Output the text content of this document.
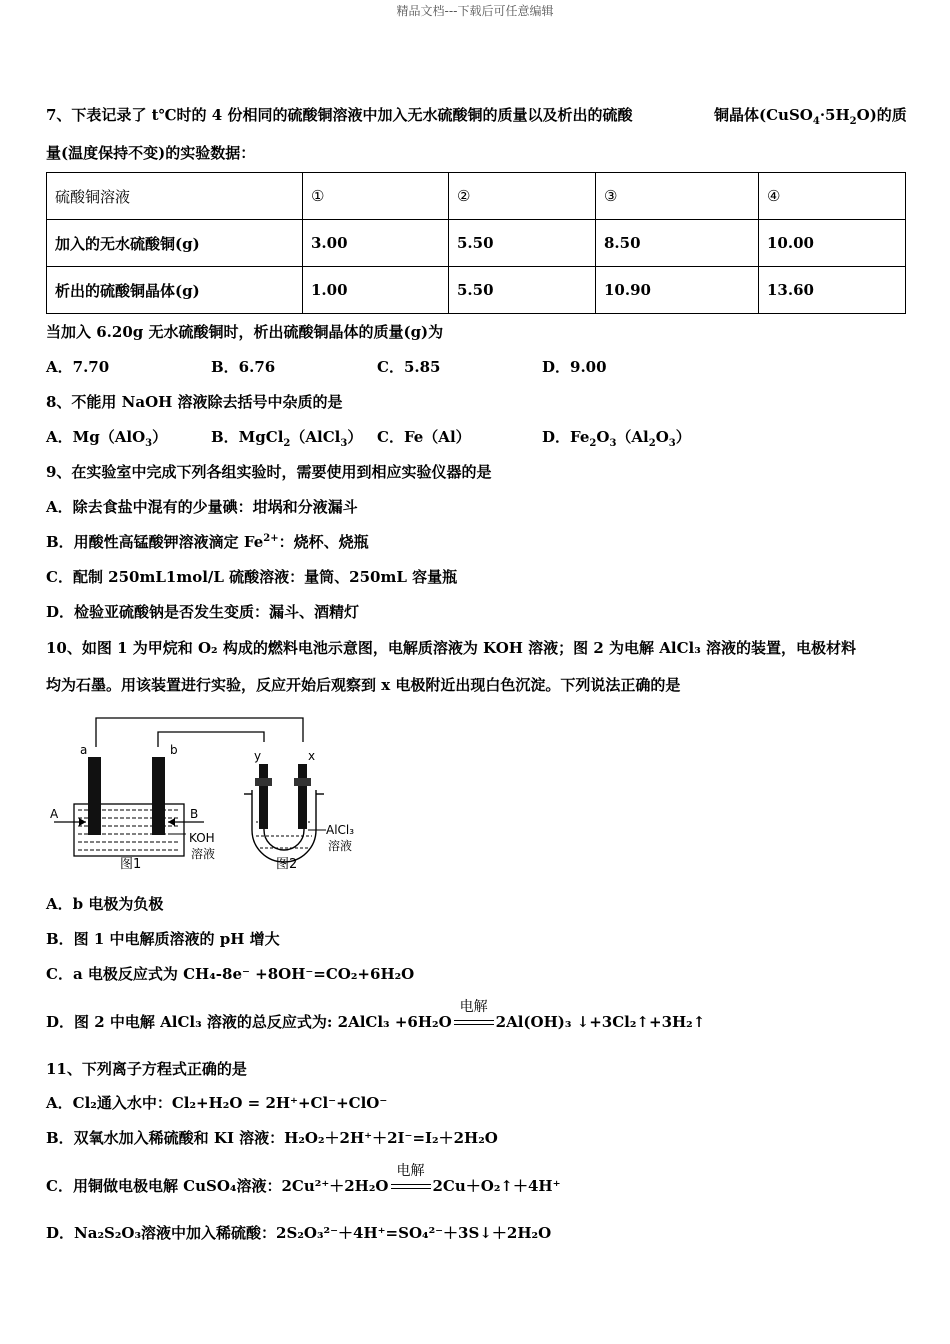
精品文档---下载后可任意编辑
7、下表记录了 t℃时的 4 份相同的硫酸铜溶液中加入无水硫酸铜的质量以及析出的硫酸	铜晶体$(CuSO_4\cdot 5H_2O)$的质
量(温度保持不变)的实验数据：
硫酸铜溶液	①	②	③	④
加入的无水硫酸铜(g)	3.00	5.50	8.50	10.00
析出的硫酸铜晶体(g)	1.00	5.50	10.90	13.60
当加入 6.20g 无水硫酸铜时，析出硫酸铜晶体的质量(g)为
A．7.70	B．6.76	C．5.85	D．9.00
8、不能用 NaOH 溶液除去括号中杂质的是
A．Mg（AlO$_3$）	B．MgCl$_2$（AlCl$_3$） C．Fe（Al）	D．$Fe_2O_3(Al_2O_3)$
9、在实验室中完成下列各组实验时，需要使用到相应实验仪器的是
A．除去食盐中混有的少量碘：坩埚和分液漏斗
B．用酸性高锰酸钾溶液滴定 $Fe^{2+}$：烧杯、烧瓶
C．配制 250mL1mol/L 硫酸溶液：量筒、250mL 容量瓶
D．检验亚硫酸钠是否发生变质：漏斗、酒精灯
10、如图 1 为甲烷和 O₂ 构成的燃料电池示意图，电解质溶液为 KOH 溶液；图 2 为电解 AlCl₃ 溶液的装置，电极材料
均为石墨。用该装置进行实验，反应开始后观察到 x 电极附近出现白色沉淀。下列说法正确的是
a	b
A	B
KOH
溶液
图1
y	x
AlCl₃
溶液
图2
A．b 电极为负极
B．图 1 中电解质溶液的 pH 增大
C．a 电极反应式为 CH₄-8e⁻ +8OH⁻=CO₂+6H₂O
D．图 2 中电解 AlCl₃ 溶液的总反应式为: 2AlCl₃ +6H₂O
电解
2Al(OH)₃ ↓+3Cl₂↑+3H₂↑
11、下列离子方程式正确的是
A．Cl₂通入水中：Cl₂+H₂O = 2H⁺+Cl⁻+ClO⁻
B．双氧水加入稀硫酸和 KI 溶液：H₂O₂＋2H⁺＋2I⁻=I₂＋2H₂O
C．用铜做电极电解 CuSO₄溶液：2Cu²⁺＋2H₂O
电解
2Cu＋O₂↑＋4H⁺
D．Na₂S₂O₃溶液中加入稀硫酸：2S₂O₃²⁻＋4H⁺=SO₄²⁻＋3S↓＋2H₂O
